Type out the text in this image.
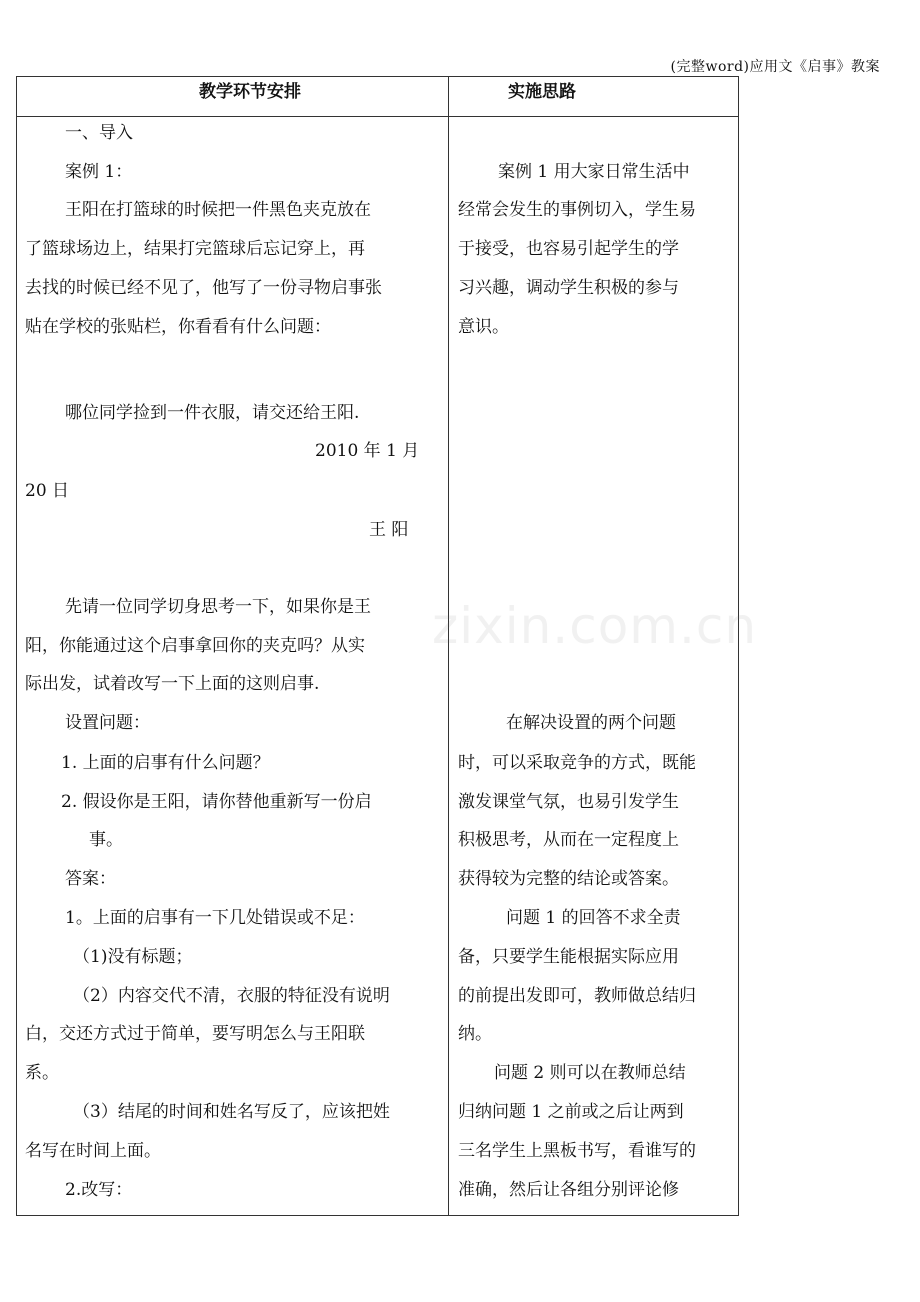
(完整word)应用文《启事》教案
教学环节安排	实施思路
一、导入
案例 1：
王阳在打篮球的时候把一件黑色夹克放在
了篮球场边上，结果打完篮球后忘记穿上，再
去找的时候已经不见了，他写了一份寻物启事张
贴在学校的张贴栏，你看看有什么问题：
哪位同学捡到一件衣服，请交还给王阳.
2010 年 1 月
20 日
王 阳
先请一位同学切身思考一下，如果你是王
阳，你能通过这个启事拿回你的夹克吗？从实
际出发，试着改写一下上面的这则启事.
设置问题：
1. 上面的启事有什么问题？
2. 假设你是王阳，请你替他重新写一份启
事。
答案：
1。上面的启事有一下几处错误或不足：
（1)没有标题；
（2）内容交代不清，衣服的特征没有说明
白，交还方式过于简单，要写明怎么与王阳联
系。
（3）结尾的时间和姓名写反了，应该把姓
名写在时间上面。
2.改写：
案例 1 用大家日常生活中
经常会发生的事例切入，学生易
于接受，也容易引起学生的学
习兴趣，调动学生积极的参与
意识。
在解决设置的两个问题
时，可以采取竞争的方式，既能
激发课堂气氛，也易引发学生
积极思考，从而在一定程度上
获得较为完整的结论或答案。
问题 1 的回答不求全责
备，只要学生能根据实际应用
的前提出发即可，教师做总结归
纳。
问题 2 则可以在教师总结
归纳问题 1 之前或之后让两到
三名学生上黑板书写，看谁写的
准确，然后让各组分别评论修
zixin.com.cn
